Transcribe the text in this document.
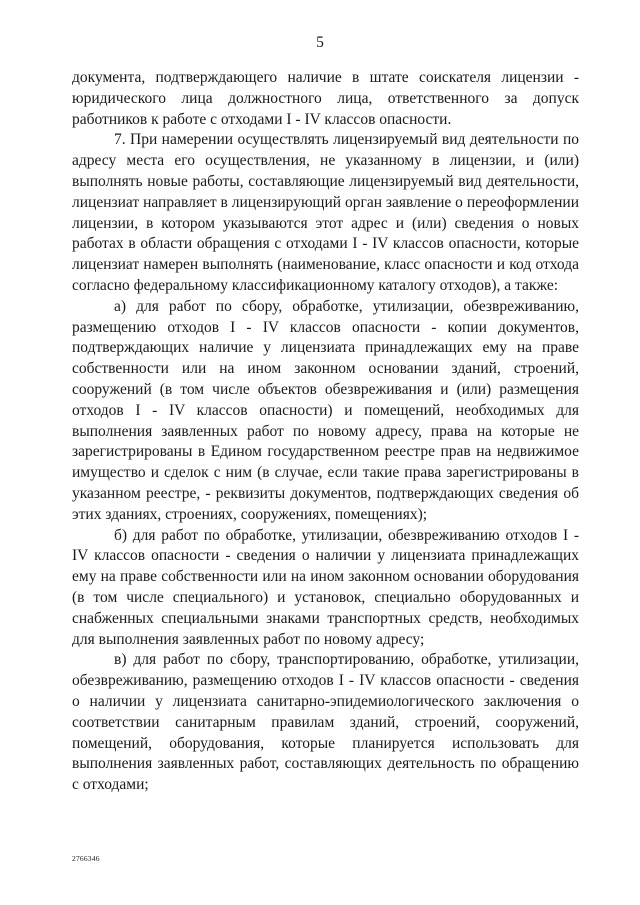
5

документа, подтверждающего наличие в штате соискателя лицензии - юридического лица должностного лица, ответственного за допуск работников к работе с отходами I - IV классов опасности.

7. При намерении осуществлять лицензируемый вид деятельности по адресу места его осуществления, не указанному в лицензии, и (или) выполнять новые работы, составляющие лицензируемый вид деятельности, лицензиат направляет в лицензирующий орган заявление о переоформлении лицензии, в котором указываются этот адрес и (или) сведения о новых работах в области обращения с отходами I - IV классов опасности, которые лицензиат намерен выполнять (наименование, класс опасности и код отхода согласно федеральному классификационному каталогу отходов), а также:

а) для работ по сбору, обработке, утилизации, обезвреживанию, размещению отходов I - IV классов опасности - копии документов, подтверждающих наличие у лицензиата принадлежащих ему на праве собственности или на ином законном основании зданий, строений, сооружений (в том числе объектов обезвреживания и (или) размещения отходов I - IV классов опасности) и помещений, необходимых для выполнения заявленных работ по новому адресу, права на которые не зарегистрированы в Едином государственном реестре прав на недвижимое имущество и сделок с ним (в случае, если такие права зарегистрированы в указанном реестре, - реквизиты документов, подтверждающих сведения об этих зданиях, строениях, сооружениях, помещениях);

б) для работ по обработке, утилизации, обезвреживанию отходов I - IV классов опасности - сведения о наличии у лицензиата принадлежащих ему на праве собственности или на ином законном основании оборудования (в том числе специального) и установок, специально оборудованных и снабженных специальными знаками транспортных средств, необходимых для выполнения заявленных работ по новому адресу;

в) для работ по сбору, транспортированию, обработке, утилизации, обезвреживанию, размещению отходов I - IV классов опасности - сведения о наличии у лицензиата санитарно-эпидемиологического заключения о соответствии санитарным правилам зданий, строений, сооружений, помещений, оборудования, которые планируется использовать для выполнения заявленных работ, составляющих деятельность по обращению с отходами;

2766346
